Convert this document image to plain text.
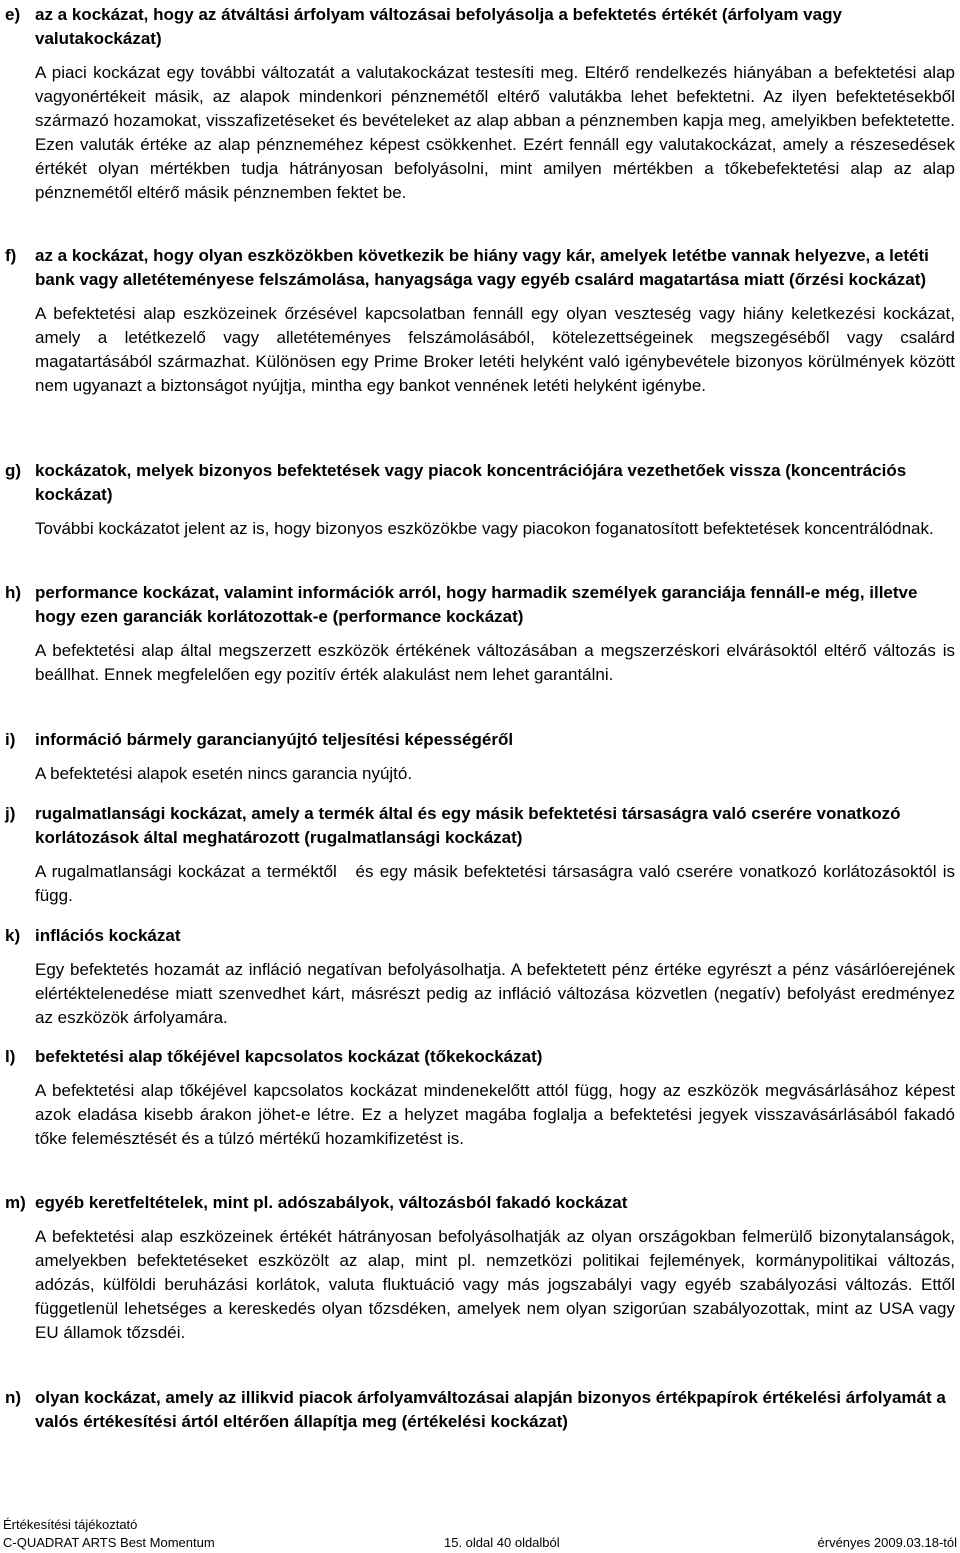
e) az a kockázat, hogy az átváltási árfolyam változásai befolyásolja a befektetés értékét (árfolyam vagy valutakockázat)
A piaci kockázat egy további változatát a valutakockázat testesíti meg. Eltérő rendelkezés hiányában a befektetési alap vagyonértékeit másik, az alapok mindenkori pénznemétől eltérő valutákba lehet befektetni. Az ilyen befektetésekből származó hozamokat, visszafizetéseket és bevételeket az alap abban a pénznemben kapja meg, amelyikben befektetette. Ezen valuták értéke az alap pénzneméhez képest csökkenhet. Ezért fennáll egy valutakockázat, amely a részesedések értékét olyan mértékben tudja hátrányosan befolyásolni, mint amilyen mértékben a tőkebefektetési alap az alap pénznemétől eltérő másik pénznemben fektet be.
f) az a kockázat, hogy olyan eszközökben következik be hiány vagy kár, amelyek letétbe vannak helyezve, a letéti bank vagy alletéteményese felszámolása, hanyagsága vagy egyéb csalárd magatartása miatt (őrzési kockázat)
A befektetési alap eszközeinek őrzésével kapcsolatban fennáll egy olyan veszteség vagy hiány keletkezési kockázat, amely a letétkezelő vagy alletéteményes felszámolásából, kötelezettségeinek megszegéséből vagy csalárd magatartásából származhat. Különösen egy Prime Broker letéti helyként való igénybevétele bizonyos körülmények között nem ugyanazt a biztonságot nyújtja, mintha egy bankot vennének letéti helyként igénybe.
g) kockázatok, melyek bizonyos befektetések vagy piacok koncentrációjára vezethetőek vissza (koncentrációs kockázat)
További kockázatot jelent az is, hogy bizonyos eszközökbe vagy piacokon foganatosított befektetések koncentrálódnak.
h) performance kockázat, valamint információk arról, hogy harmadik személyek garanciája fennáll-e még, illetve hogy ezen garanciák korlátozottak-e (performance kockázat)
A befektetési alap által megszerzett eszközök értékének változásában a megszerzéskori elvárásoktól eltérő változás is beállhat. Ennek megfelelően egy pozitív érték alakulást nem lehet garantálni.
i) információ bármely garancianyújtó teljesítési képességéről
A befektetési alapok esetén nincs garancia nyújtó.
j) rugalmatlansági kockázat, amely a termék által és egy másik befektetési társaságra való cserére vonatkozó korlátozások által meghatározott (rugalmatlansági kockázat)
A rugalmatlansági kockázat a terméktől   és egy másik befektetési társaságra való cserére vonatkozó korlátozásoktól is függ.
k) inflációs kockázat
Egy befektetés hozamát az infláció negatívan befolyásolhatja. A befektetett pénz értéke egyrészt a pénz vásárlóerejének elértéktelenedése miatt szenvedhet kárt, másrészt pedig az infláció változása közvetlen (negatív) befolyást eredményez az eszközök árfolyamára.
l) befektetési alap tőkéjével kapcsolatos kockázat (tőkekockázat)
A befektetési alap tőkéjével kapcsolatos kockázat mindenekelőtt attól függ, hogy az eszközök megvásárlásához képest azok eladása kisebb árakon jöhet-e létre. Ez a helyzet magába foglalja a befektetési jegyek visszavásárlásából fakadó tőke felemésztését és a túlzó mértékű hozamkifizetést is.
m) egyéb keretfeltételek, mint pl. adószabályok, változásból fakadó kockázat
A befektetési alap eszközeinek értékét hátrányosan befolyásolhatják az olyan országokban felmerülő bizonytalanságok, amelyekben befektetéseket eszközölt az alap, mint pl. nemzetközi politikai fejlemények, kormánypolitikai változás, adózás, külföldi beruházási korlátok, valuta fluktuáció vagy más jogszabályi vagy egyéb szabályozási változás. Ettől függetlenül lehetséges a kereskedés olyan tőzsdéken, amelyek nem olyan szigorúan szabályozottak, mint az USA vagy EU államok tőzsdéi.
n) olyan kockázat, amely az illikvid piacok árfolyamváltozásai alapján bizonyos értékpapírok értékelési árfolyamát a valós értékesítési ártól eltérően állapítja meg (értékelési kockázat)
Értékesítési tájékoztató
C-QUADRAT ARTS Best Momentum	15. oldal 40 oldalból	érvényes 2009.03.18-tól
